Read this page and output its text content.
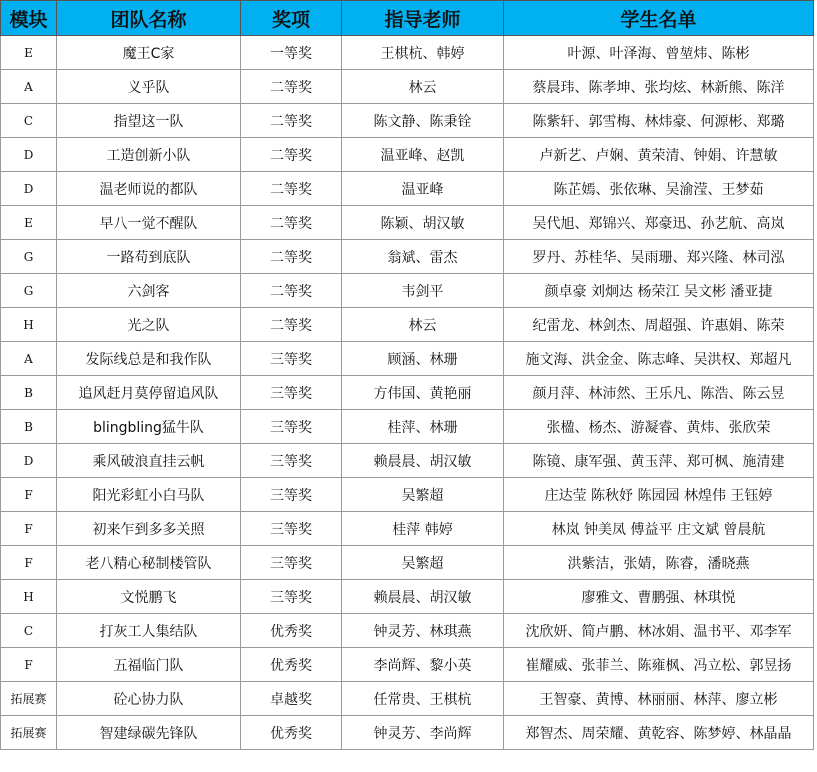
模块	团队名称	奖项	指导老师	学生名单
E	魔王C家	一等奖	王棋杭、韩婷	叶源、叶泽海、曾堃炜、陈彬
A	义乎队	二等奖	林云	蔡晨玮、陈孝坤、张均炫、林新熊、陈洋
C	指望这一队	二等奖	陈文静、陈秉铨	陈紫轩、郭雪梅、林炜豪、何源彬、郑璐
D	工造创新小队	二等奖	温亚峰、赵凯	卢新艺、卢娴、黄荣清、钟娟、许慧敏
D	温老师说的都队	二等奖	温亚峰	陈芷嫣、张依琳、吴渝滢、王梦茹
E	早八一觉不醒队	二等奖	陈颖、胡汉敏	吴代旭、郑锦兴、郑豪迅、孙艺航、高岚
G	一路苟到底队	二等奖	翁斌、雷杰	罗丹、苏桂华、吴雨珊、郑兴隆、林司泓
G	六剑客	二等奖	韦剑平	颜卓豪 刘炯达 杨荣江 吴文彬 潘亚捷
H	光之队	二等奖	林云	纪雷龙、林剑杰、周超强、许惠娟、陈荣
A	发际线总是和我作队	三等奖	顾涵、林珊	施文海、洪金金、陈志峰、吴洪权、郑超凡
B	追风赶月莫停留追风队	三等奖	方伟国、黄艳丽	颜月萍、林沛然、王乐凡、陈浩、陈云昱
B	blingbling猛牛队	三等奖	桂萍、林珊	张楹、杨杰、游凝睿、黄炜、张欣荣
D	乘风破浪直挂云帆	三等奖	赖晨晨、胡汉敏	陈镜、康军强、黄玉萍、郑可枫、施清建
F	阳光彩虹小白马队	三等奖	吴繁超	庄达莹 陈秋妤 陈园园 林煌伟 王钰婷
F	初来乍到多多关照	三等奖	桂萍 韩婷	林岚 钟美凤 傅益平 庄文斌 曾晨航
F	老八精心秘制楼管队	三等奖	吴繁超	洪紫洁，张婧，陈睿，潘晓燕
H	文悦鹏飞	三等奖	赖晨晨、胡汉敏	廖雅文、曹鹏强、林琪悦
C	打灰工人集结队	优秀奖	钟灵芳、林琪燕	沈欣妍、简卢鹏、林冰娟、温书平、邓李军
F	五福临门队	优秀奖	李尚辉、黎小英	崔耀威、张菲兰、陈雍枫、冯立松、郭昱扬
拓展赛	砼心协力队	卓越奖	任常贵、王棋杭	王智豪、黄博、林丽丽、林萍、廖立彬
拓展赛	智建绿碳先锋队	优秀奖	钟灵芳、李尚辉	郑智杰、周荣耀、黄乾容、陈梦婷、林晶晶
